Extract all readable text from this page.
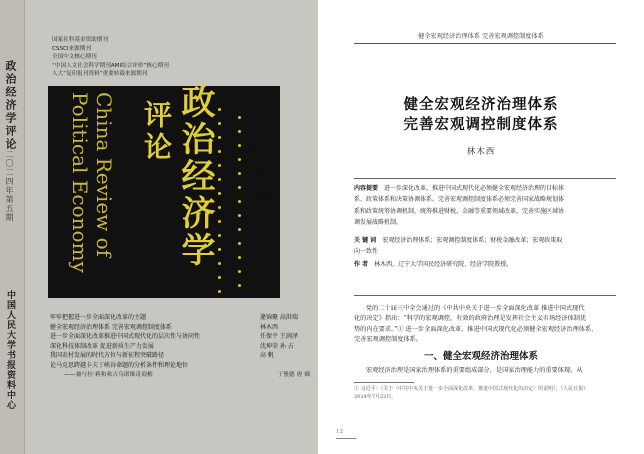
政治经济学评论
二〇二四年第五期
中国人民大学书报资料中心
国家社科基金资助期刊
CSSCI来源期刊
全国中文核心期刊
“中国人文社会科学期刊AMI综合评价”核心期刊
人大“复印报刊资料”重要转载来源期刊
China Review of Political Economy	政治经济学
评论	2024年(第5期)
牢牢把握进一步全面深化改革的主题	逄锦聚 高洪瑞
健全宏观经济治理体系 完善宏观调控制度体系	林木西
进一步全面深化改革推进中国式现代化的层次性与协同性	任保平 王润泽
深化科技体制改革 促进新质生产力发展	沈坤荣 孙 占
我国农村发展的时代方位与新征程突破路径	高 帆
论马克思跨越卡夫丁峡谷命题的分析条件和理论地位
——兼与拉·莉和弗吉乌诺维奇商榷	丁堡德 唐 娣
健全宏观经济治理体系 完善宏观调控制度体系
健全宏观经济治理体系
完善宏观调控制度体系
林木西
内容提要　 进一步深化改革，推进中国式现代化必须健全宏观经济治理的目标体
系、政策体系和决策协调体系。完善宏观调控制度体系必须完善国家战略规划体
系和政策统筹协调机制，统筹推进财税、金融等重要领域改革，完善实施区域协
调发展战略机制。
关 键 词　 宏观经济治理体系；宏观调控制度体系；财税金融改革；宏观政策取
向一致性
作 者　 林木西，辽宁大学国民经济研究院、经济学院教授。
党的二十届三中全会通过的《中共中央关于进一步全面深化改革 推进中国式现代
化的决定》指出：“科学的宏观调控，有效的政府治理是发挥社会主义市场经济体制优
势的内在要求。”① 进一步全面深化改革、推进中国式现代化必须健全宏观经济治理体系、
完善宏观调控制度体系。
一、健全宏观经济治理体系
宏观经济治理是国家治理体系的重要组成部分，是国家治理能力的重要体现。从
① 习近平：《关于〈中共中央关于进一步全面深化改革、推进中国式现代化的决定〉的说明》，《人民日报》
2024年7月22日。
12
